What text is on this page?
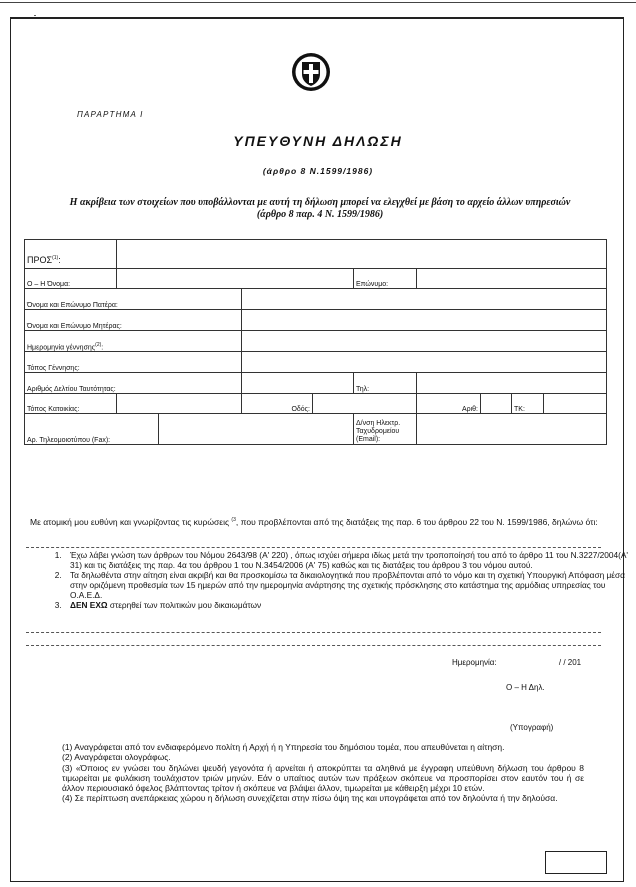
ΠΑΡΑΡΤΗΜΑ Ι
ΥΠΕΥΘΥΝΗ ΔΗΛΩΣΗ
(άρθρο 8 Ν.1599/1986)
Η ακρίβεια των στοιχείων που υποβάλλονται με αυτή τη δήλωση μπορεί να ελεγχθεί με βάση το αρχείο άλλων υπηρεσιών (άρθρο 8 παρ. 4 Ν. 1599/1986)
ΠΡΟΣ$^{(1)}$:									
Ο – Η Όνομα:					Επώνυμο:				
Όνομα και Επώνυμο Πατέρα:									
Όνομα και Επώνυμο Μητέρας:									
Ημερομηνία γέννησης$^{(2)}$:									
Τόπος Γέννησης:									
Αριθμός Δελτίου Ταυτότητας:					Τηλ:				
Τόπος Κατοικίας:			Οδός:			Αριθ:		ΤΚ:	
Αρ. Τηλεομοιοτύπου (Fax):					Δ/νση Ηλεκτρ. Ταχυδρομείου (Email):				
Με ατομική μου ευθύνη και γνωρίζοντας τις κυρώσεις $^{(3}$, που προβλέπονται από της διατάξεις της παρ. 6 του άρθρου 22 του Ν. 1599/1986, δηλώνω ότι:
1. Έχω λάβει γνώση των άρθρων του Νόμου 2643/98 (Α' 220) , όπως ισχύει σήμερα ιδίως μετά την τροποποίησή του από το άρθρο 11 του Ν.3227/2004(Α' 31) και τις διατάξεις της παρ. 4α του άρθρου 1 του Ν.3454/2006 (Α' 75) καθώς και τις διατάξεις του άρθρου 3 του νόμου αυτού.
2. Τα δηλωθέντα στην αίτηση είναι ακριβή και θα προσκομίσω τα δικαιολογητικά που προβλέπονται από το νόμο και τη σχετική Υπουργική Απόφαση μέσα στην οριζόμενη προθεσμία των 15 ημερών από την ημερομηνία ανάρτησης της σχετικής πρόσκλησης στο κατάστημα της αρμόδιας υπηρεσίας του Ο.Α.Ε.Δ.
3. ΔΕΝ ΕΧΩ στερηθεί των πολιτικών μου δικαιωμάτων
Ημερομηνία:	/ / 201
Ο – Η Δηλ.
(Υπογραφή)

(1) Αναγράφεται από τον ενδιαφερόμενο πολίτη ή Αρχή ή η Υπηρεσία του δημόσιου τομέα, που απευθύνεται η αίτηση.

(2) Αναγράφεται ολογράφως.

(3) «Όποιος εν γνώσει του δηλώνει ψευδή γεγονότα ή αρνείται ή αποκρύπτει τα αληθινά με έγγραφη υπεύθυνη δήλωση του άρθρου 8 τιμωρείται με φυλάκιση τουλάχιστον τριών μηνών. Εάν ο υπαίτιος αυτών των πράξεων σκόπευε να προσπορίσει στον εαυτόν του ή σε άλλον περιουσιακό όφελος βλάπτοντας τρίτον ή σκόπευε να βλάψει άλλον, τιμωρείται με κάθειρξη μέχρι 10 ετών.

(4) Σε περίπτωση ανεπάρκειας χώρου η δήλωση συνεχίζεται στην πίσω όψη της και υπογράφεται από τον δηλούντα ή την δηλούσα.
